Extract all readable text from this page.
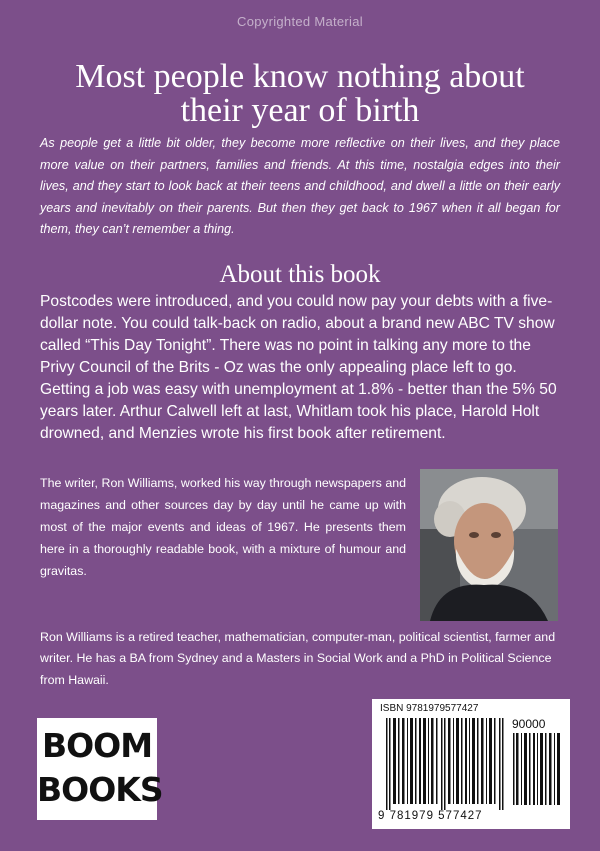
Copyrighted Material
Most people know nothing about
their year of birth

As people get a little bit older, they become more reflective on their lives, and they place more value on their partners, families and friends. At this time, nostalgia edges into their lives, and they start to look back at their teens and childhood, and dwell a little on their early years and inevitably on their parents. But then they get back to 1967 when it all began for them, they can’t remember a thing.

About this book

Postcodes were introduced, and you could now pay your debts with a five-dollar note. You could talk-back on radio, about a brand new ABC TV show called “This Day Tonight”. There was no point in talking any more to the Privy Council of the Brits - Oz was the only appealing place left to go. Getting a job was easy with unemployment at 1.8% - better than the 5% 50 years later. Arthur Calwell left at last, Whitlam took his place, Harold Holt drowned, and Menzies wrote his first book after retirement.

The writer, Ron Williams, worked his way through newspapers and magazines and other sources day by day until he came up with most of the major events and ideas of 1967. He presents them here in a thoroughly readable book, with a mixture of humour and gravitas.

Ron Williams is a retired teacher, mathematician, computer-man, political scientist, farmer and writer. He has a BA from Sydney and a Masters in Social Work and a PhD in Political Science from Hawaii.

BOOM
BOOKS
ISBN 9781979577427
90000
9 781979 577427
